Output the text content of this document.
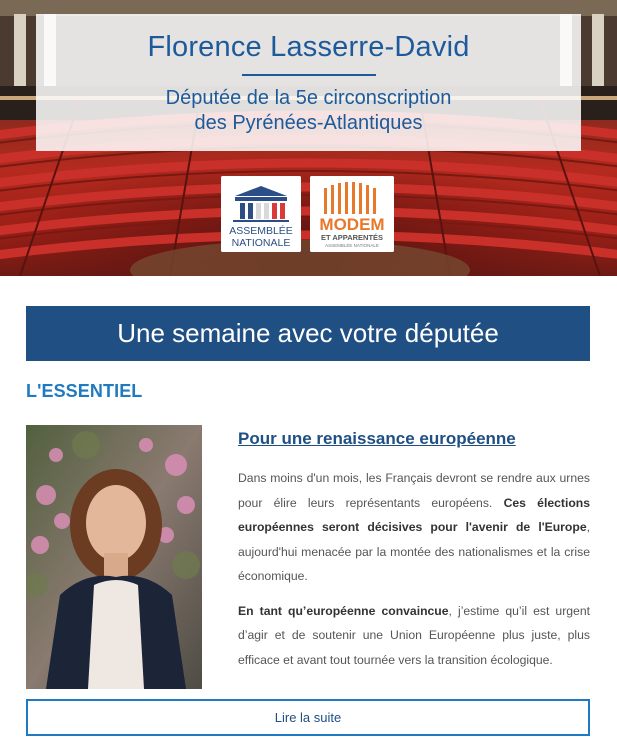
Florence Lasserre-David
Députée de la 5e circonscription
des Pyrénées-Atlantiques
ASSEMBLÉE
NATIONALE
MODEM
ET APPARENTÉS
ASSEMBLÉE NATIONALE
Une semaine avec votre députée
L'ESSENTIEL
Pour une renaissance européenne

Dans moins d'un mois, les Français devront se rendre aux urnes pour élire leurs représentants européens. Ces élections européennes seront décisives pour l'avenir de l'Europe, aujourd'hui menacée par la montée des nationalismes et la crise économique.

En tant qu’européenne convaincue, j’estime qu’il est urgent d’agir et de soutenir une Union Européenne plus juste, plus efficace et avant tout tournée vers la transition écologique.

Lire la suite
